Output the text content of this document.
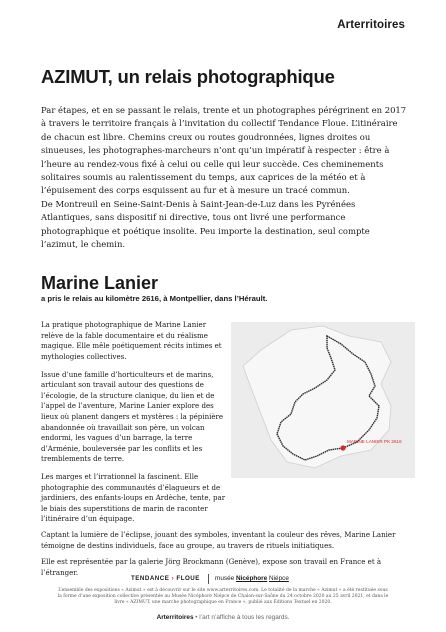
Arterritoires
AZIMUT, un relais photographique

Par étapes, et en se passant le relais, trente et un photographes pérégrinent en 2017 à travers le territoire français à l’invitation du collectif Tendance Floue. L’itinéraire de chacun est libre. Chemins creux ou routes goudronnées, lignes droites ou sinueuses, les photographes-marcheurs n’ont qu’un impératif à respecter : être à l’heure au rendez-vous fixé à celui ou celle qui leur succède. Ces cheminements solitaires soumis au ralentissement du temps, aux caprices de la météo et à l’épuisement des corps esquissent au fur et à mesure un tracé commun.

De Montreuil en Seine-Saint-Denis à Saint-Jean-de-Luz dans les Pyrénées Atlantiques, sans dispositif ni directive, tous ont livré une performance photographique et poétique insolite. Peu importe la destination, seul compte l’azimut, le chemin.

Marine Lanier
a pris le relais au kilomètre 2616, à Montpellier, dans l’Hérault.

La pratique photographique de Marine Lanier relève de la fable documentaire et du réalisme magique. Elle mêle poétiquement récits intimes et mythologies collectives.

Issue d’une famille d’horticulteurs et de marins, articulant son travail autour des questions de l’écologie, de la structure clanique, du lien et de l’appel de l’aventure, Marine Lanier explore des lieux où planent dangers et mystères : la pépinière abandonnée où travaillait son père, un volcan endormi, les vagues d’un barrage, la terre d’Arménie, bouleversée par les conflits et les tremblements de terre.

Les marges et l’irrationnel la fascinent. Elle photographie des communautés d’élagueurs et de jardiniers, des enfants-loups en Ardèche, tente, par le biais des superstitions de marin de raconter l’itinéraire d’un équipage.

MARINE LANIER PK 2616

Captant la lumière de l’éclipse, jouant des symboles, inventant la couleur des rêves, Marine Lanier témoigne de destins individuels, face au groupe, au travers de rituels initiatiques.

Elle est représentée par la galerie Jörg Brockmann (Genève), expose son travail en France et à l’étranger.

TENDANCE › FLOUE musée Nicéphore Niépce

L’ensemble des expositions « Azimut » est à découvrir sur le site www.arterritoires.com. Le totalité de la marche « Azimut » a été restituée sous la forme d’une exposition collective présentée au Musée Nicéphore Niépce de Chalon-sur-Saône du 24 octobre 2020 au 25 avril 2021, et dans le livre « AZIMUT, une marche photographique en France », publié aux Éditions Textuel en 2020.

Arterritoires • l’art n’affiche à tous les regards.
